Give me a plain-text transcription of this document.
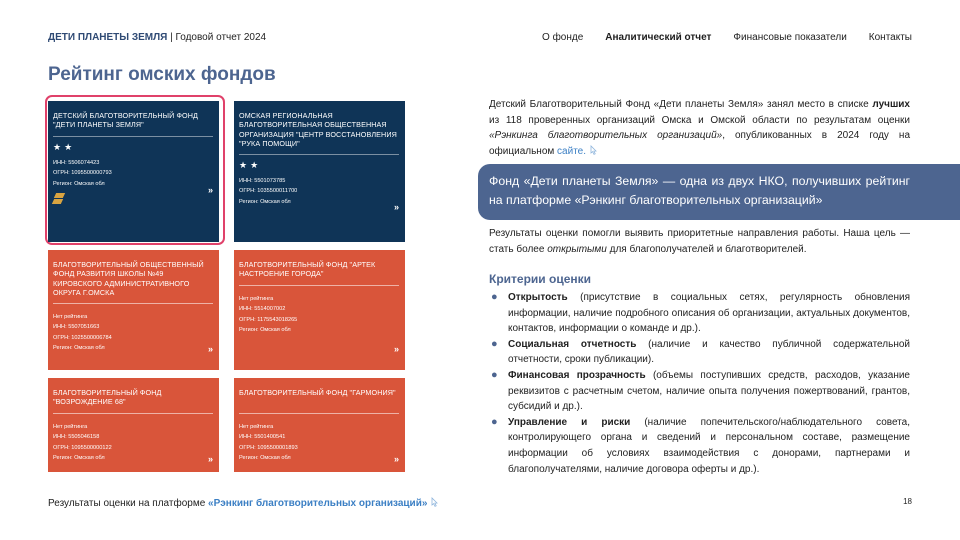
ДЕТИ ПЛАНЕТЫ ЗЕМЛЯ | Годовой отчет 2024	О фонде Аналитический отчет Финансовые показатели Контакты
Рейтинг омских фондов
ДЕТСКИЙ БЛАГОТВОРИТЕЛЬНЫЙ ФОНД "ДЕТИ ПЛАНЕТЫ ЗЕМЛЯ"
★★
ИНН: 5506074423
ОГРН: 1095500000793
Регион: Омская обл
»
ОМСКАЯ РЕГИОНАЛЬНАЯ БЛАГОТВОРИТЕЛЬНАЯ ОБЩЕСТВЕННАЯ ОРГАНИЗАЦИЯ "ЦЕНТР ВОССТАНОВЛЕНИЯ "РУКА ПОМОЩИ"
★★
ИНН: 5501073785
ОГРН: 1035500011700
Регион: Омская обл
»
БЛАГОТВОРИТЕЛЬНЫЙ ОБЩЕСТВЕННЫЙ ФОНД РАЗВИТИЯ ШКОЛЫ №49 КИРОВСКОГО АДМИНИСТРАТИВНОГО ОКРУГА Г.ОМСКА
Нет рейтинга
ИНН: 5507051663
ОГРН: 1025500006784
Регион: Омская обл	»
БЛАГОТВОРИТЕЛЬНЫЙ ФОНД "АРТЕК НАСТРОЕНИЕ ГОРОДА"
Нет рейтинга
ИНН: 5514007002
ОГРН: 1175543018265
Регион: Омская обл
»
БЛАГОТВОРИТЕЛЬНЫЙ ФОНД "ВОЗРОЖДЕНИЕ 68"
Нет рейтинга
ИНН: 5505046158
ОГРН: 1095500000122
Регион: Омская обл	»
БЛАГОТВОРИТЕЛЬНЫЙ ФОНД "ГАРМОНИЯ"
Нет рейтинга
ИНН: 5501400541
ОГРН: 1095500001893
Регион: Омская обл	»

Детский Благотворительный Фонд «Дети планеты Земля» занял место в списке лучших из 118 проверенных организаций Омска и Омской области по результатам оценки «Рэнкинга благотворительных организаций», опубликованных в 2024 году на официальном сайте.

Фонд «Дети планеты Земля» — одна из двух НКО, получивших рейтинг на платформе «Рэнкинг благотворительных организаций»

Результаты оценки помогли выявить приоритетные направления работы. Наша цель — стать более открытыми для благополучателей и благотворителей.

Критерии оценки
● Открытость (присутствие в социальных сетях, регулярность обновления информации, наличие подробного описания об организации, актуальных документов, контактов, информации о команде и др.).
● Социальная отчетность (наличие и качество публичной содержательной отчетности, сроки публикации).
● Финансовая прозрачность (объемы поступивших средств, расходов, указание реквизитов с расчетным счетом, наличие опыта получения пожертвований, грантов, субсидий и др.).
● Управление и риски (наличие попечительского/наблюдательного совета, контролирующего органа и сведений и персональном составе, размещение информации об условиях взаимодействия с донорами, партнерами и благополучателями, наличие договора оферты и др.).
Результаты оценки на платформе «Рэнкинг благотворительных организаций»	18
